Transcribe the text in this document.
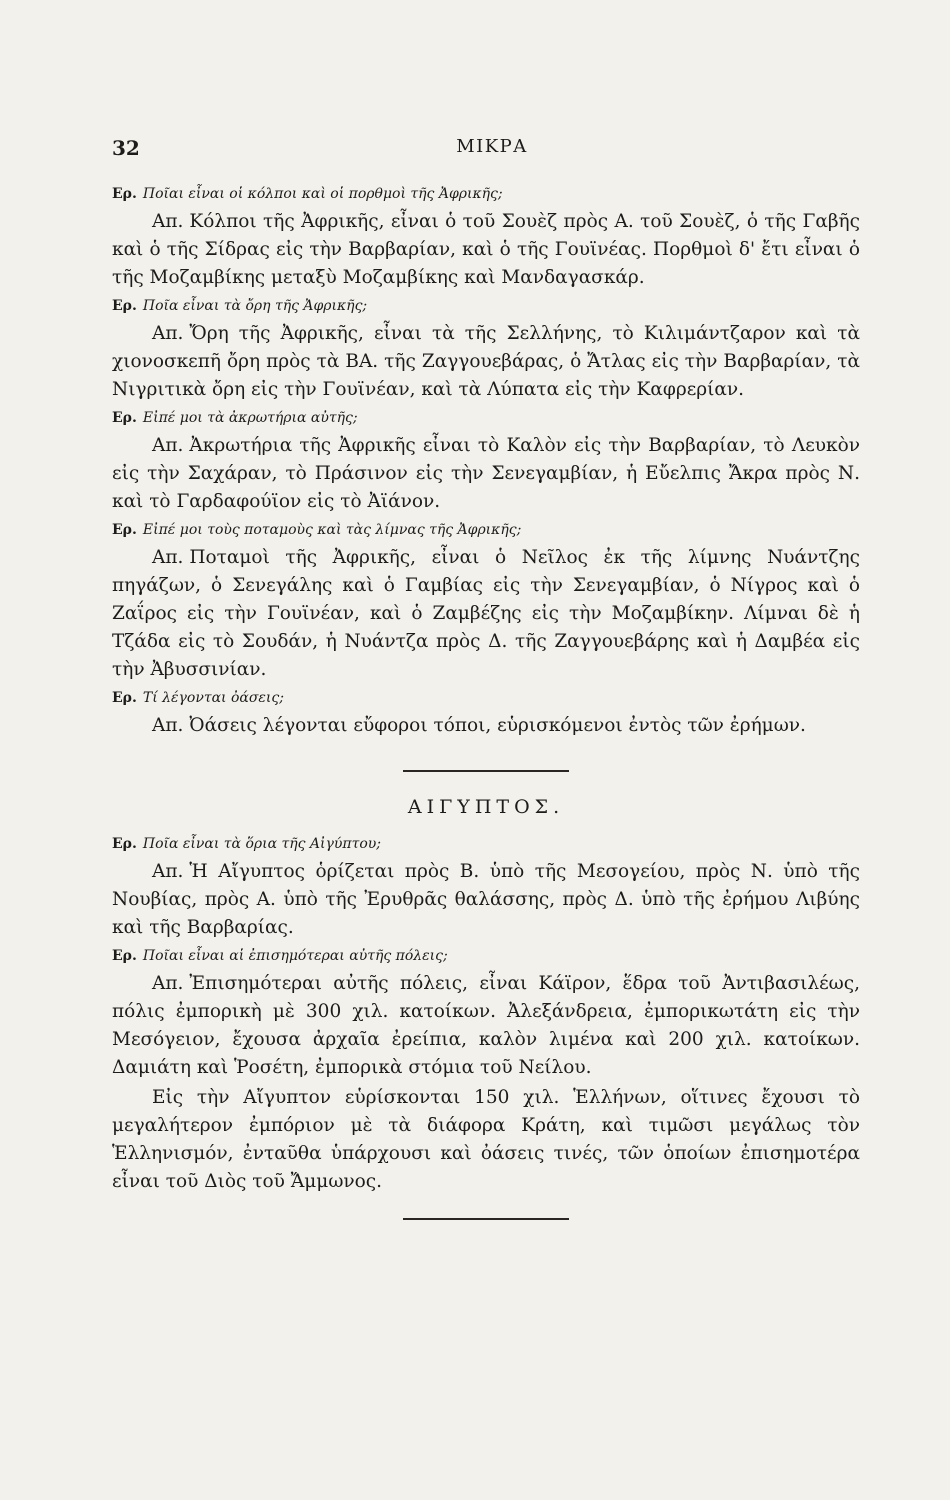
32	ΜΙΚΡΑ
Ερ. Ποῖαι εἶναι οἱ κόλποι καὶ οἱ πορθμοὶ τῆς Ἀφρικῆς;
Απ. Κόλποι τῆς Ἀφρικῆς, εἶναι ὁ τοῦ Σουὲζ πρὸς Α. τοῦ Σουὲζ, ὁ τῆς Γαβῆς καὶ ὁ τῆς Σίδρας εἰς τὴν Βαρβαρίαν, καὶ ὁ τῆς Γουϊνέας. Πορθμοὶ δ' ἔτι εἶναι ὁ τῆς Μοζαμβίκης μεταξὺ Μοζαμβίκης καὶ Μανδαγασκάρ.
Ερ. Ποῖα εἶναι τὰ ὄρη τῆς Ἀφρικῆς;
Απ. Ὄρη τῆς Ἀφρικῆς, εἶναι τὰ τῆς Σελλήνης, τὸ Κιλιμάντζαρον καὶ τὰ χιονοσκεπῆ ὄρη πρὸς τὰ ΒΑ. τῆς Ζαγγουεβάρας, ὁ Ἄτλας εἰς τὴν Βαρβαρίαν, τὰ Νιγριτικὰ ὄρη εἰς τὴν Γουϊνέαν, καὶ τὰ Λύπατα εἰς τὴν Καφρερίαν.
Ερ. Εἰπέ μοι τὰ ἀκρωτήρια αὐτῆς;
Απ. Ἀκρωτήρια τῆς Ἀφρικῆς εἶναι τὸ Καλὸν εἰς τὴν Βαρβαρίαν, τὸ Λευκὸν εἰς τὴν Σαχάραν, τὸ Πράσινον εἰς τὴν Σενεγαμβίαν, ἡ Εὔελπις Ἄκρα πρὸς Ν. καὶ τὸ Γαρδαφούϊον εἰς τὸ Ἀϊάνον.
Ερ. Εἰπέ μοι τοὺς ποταμοὺς καὶ τὰς λίμνας τῆς Ἀφρικῆς;
Απ. Ποταμοὶ τῆς Ἀφρικῆς, εἶναι ὁ Νεῖλος ἐκ τῆς λίμνης Νυάντζης πηγάζων, ὁ Σενεγάλης καὶ ὁ Γαμβίας εἰς τὴν Σενεγαμβίαν, ὁ Νίγρος καὶ ὁ Ζαΐρος εἰς τὴν Γουϊνέαν, καὶ ὁ Ζαμβέζης εἰς τὴν Μοζαμβίκην. Λίμναι δὲ ἡ Τζάδα εἰς τὸ Σουδάν, ἡ Νυάντζα πρὸς Δ. τῆς Ζαγγουεβάρης καὶ ἡ Δαμβέα εἰς τὴν Ἀβυσσινίαν.
Ερ. Τί λέγονται ὀάσεις;
Απ. Ὀάσεις λέγονται εὔφοροι τόποι, εὑρισκόμενοι ἐντὸς τῶν ἐρήμων.
ΑΙΓΥΠΤΟΣ.
Ερ. Ποῖα εἶναι τὰ ὅρια τῆς Αἰγύπτου;
Απ. Ἡ Αἴγυπτος ὁρίζεται πρὸς Β. ὑπὸ τῆς Μεσογείου, πρὸς Ν. ὑπὸ τῆς Νουβίας, πρὸς Α. ὑπὸ τῆς Ἐρυθρᾶς θαλάσσης, πρὸς Δ. ὑπὸ τῆς ἐρήμου Λιβύης καὶ τῆς Βαρβαρίας.
Ερ. Ποῖαι εἶναι αἱ ἐπισημότεραι αὐτῆς πόλεις;
Απ. Ἐπισημότεραι αὐτῆς πόλεις, εἶναι Κάϊρον, ἕδρα τοῦ Ἀντιβασιλέως, πόλις ἐμπορικὴ μὲ 300 χιλ. κατοίκων. Ἀλεξάνδρεια, ἐμπορικωτάτη εἰς τὴν Μεσόγειον, ἔχουσα ἀρχαῖα ἐρείπια, καλὸν λιμένα καὶ 200 χιλ. κατοίκων. Δαμιάτη καὶ Ῥοσέτη, ἐμπορικὰ στόμια τοῦ Νείλου.

Εἰς τὴν Αἴγυπτον εὑρίσκονται 150 χιλ. Ἑλλήνων, οἵτινες ἔχουσι τὸ μεγαλήτερον ἐμπόριον μὲ τὰ διάφορα Κράτη, καὶ τιμῶσι μεγάλως τὸν Ἑλληνισμόν, ἐνταῦθα ὑπάρχουσι καὶ ὀάσεις τινές, τῶν ὁποίων ἐπισημοτέρα εἶναι τοῦ Διὸς τοῦ Ἄμμωνος.
